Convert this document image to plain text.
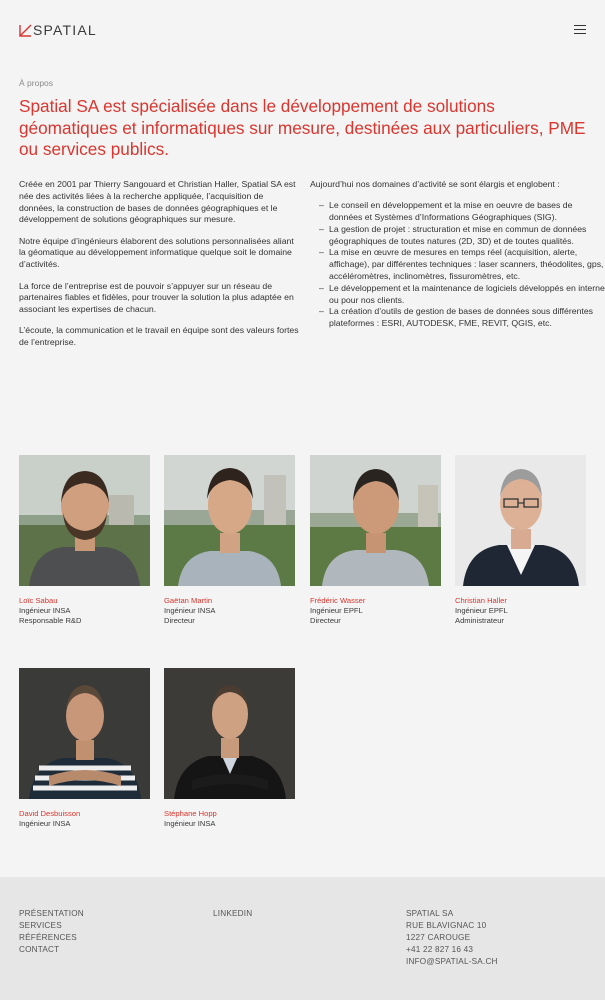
SPATIAL
À propos
Spatial SA est spécialisée dans le développement de solutions géomatiques et informatiques sur mesure, destinées aux particuliers, PME ou services publics.

Créée en 2001 par Thierry Sangouard et Christian Haller, Spatial SA est née des activités liées à la recherche appliquée, l’acquisition de données, la construction de bases de données géographiques et le développement de solutions géographiques sur mesure.

Notre équipe d’ingénieurs élaborent des solutions personnalisées aliant la géomatique au développement informatique quelque soit le domaine d’activités.

La force de l’entreprise est de pouvoir s’appuyer sur un réseau de partenaires fiables et fidèles, pour trouver la solution la plus adaptée en associant les expertises de chacun.

L’écoute, la communication et le travail en équipe sont des valeurs fortes de l’entreprise.

Aujourd’hui nos domaines d’activité se sont élargis et englobent :

– Le conseil en développement et la mise en oeuvre de bases de données et Systèmes d’Informations Géographiques (SIG).
– La gestion de projet : structuration et mise en commun de données géographiques de toutes natures (2D, 3D) et de toutes qualités.
– La mise en œuvre de mesures en temps réel (acquisition, alerte, affichage), par différentes techniques : laser scanners, théodolites, gps, accéléromètres, inclinomètres, fissuromètres, etc.
– Le développement et la maintenance de logiciels développés en interne ou pour nos clients.
– La création d’outils de gestion de bases de données sous différentes plateformes : ESRI, AUTODESK, FME, REVIT, QGIS, etc.
Loïc Sabau
Ingénieur INSA
Responsable R&D
Gaëtan Martin
Ingénieur INSA
Directeur
Frédéric Wasser
Ingénieur EPFL
Directeur
Christian Haller
Ingénieur EPFL
Administrateur
David Desbuisson
Ingénieur INSA
Stéphane Hopp
Ingénieur INSA
PRÉSENTATION
SERVICES
RÉFÉRENCES
CONTACT
LINKEDIN	SPATIAL SA
RUE BLAVIGNAC 10
1227 CAROUGE
+41 22 827 16 43
INFO@SPATIAL-SA.CH
